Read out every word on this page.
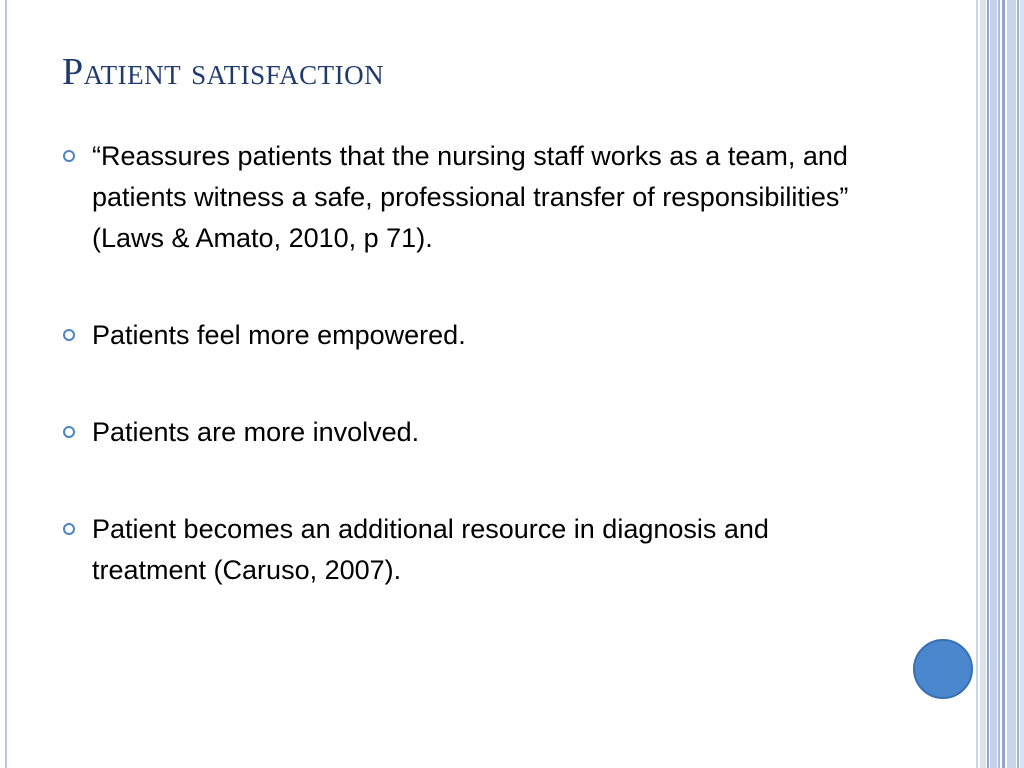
Patient satisfaction
“Reassures patients that the nursing staff works as a team, and patients witness a safe, professional transfer of responsibilities” (Laws & Amato, 2010, p 71).
Patients feel more empowered.
Patients are more involved.
Patient becomes an additional resource in diagnosis and treatment (Caruso, 2007).
